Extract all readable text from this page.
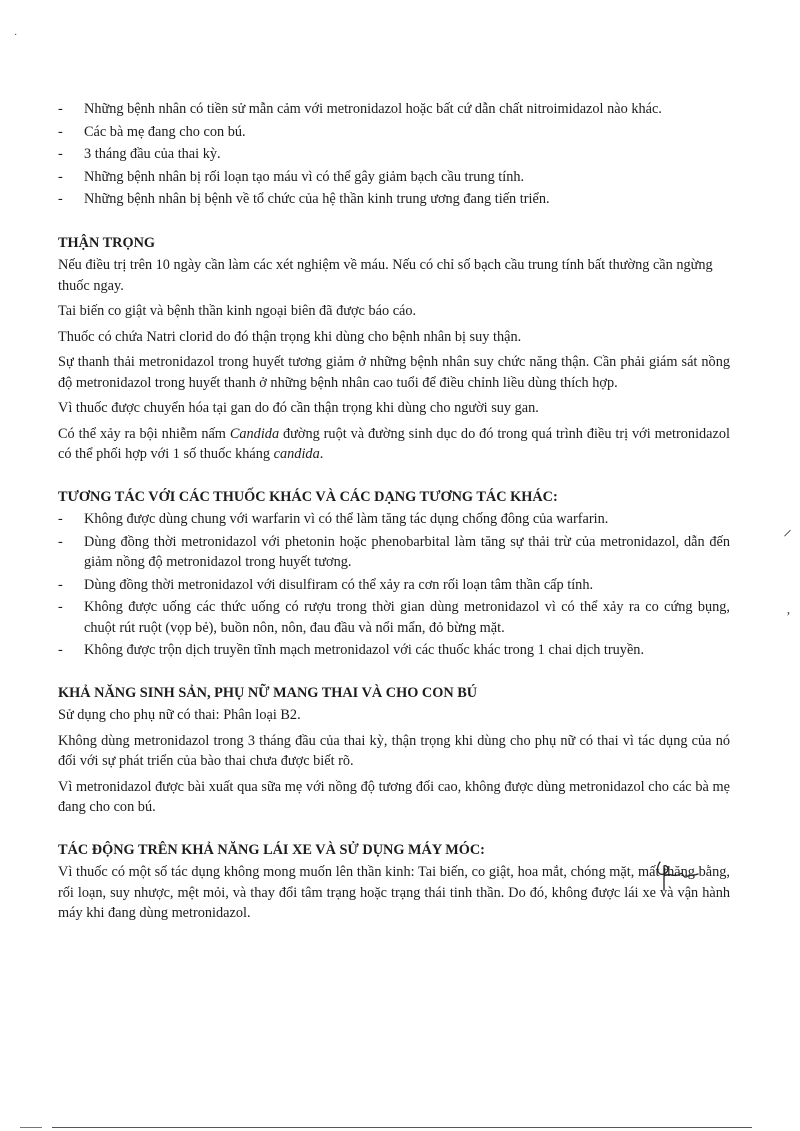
- Những bệnh nhân có tiền sử mẫn cảm với metronidazol hoặc bất cứ dẫn chất nitroimidazol nào khác.
- Các bà mẹ đang cho con bú.
- 3 tháng đầu của thai kỳ.
- Những bệnh nhân bị rối loạn tạo máu vì có thể gây giảm bạch cầu trung tính.
- Những bệnh nhân bị bệnh về tổ chức của hệ thần kinh trung ương đang tiến triển.
THẬN TRỌNG

Nếu điều trị trên 10 ngày cần làm các xét nghiệm về máu. Nếu có chỉ số bạch cầu trung tính bất thường cần ngừng thuốc ngay.

Tai biến co giật và bệnh thần kinh ngoại biên đã được báo cáo.

Thuốc có chứa Natri clorid do đó thận trọng khi dùng cho bệnh nhân bị suy thận.

Sự thanh thải metronidazol trong huyết tương giảm ở những bệnh nhân suy chức năng thận. Cần phải giám sát nồng độ metronidazol trong huyết thanh ở những bệnh nhân cao tuổi để điều chỉnh liều dùng thích hợp.

Vì thuốc được chuyển hóa tại gan do đó cần thận trọng khi dùng cho người suy gan.

Có thể xảy ra bội nhiễm nấm Candida đường ruột và đường sinh dục do đó trong quá trình điều trị với metronidazol có thể phối hợp với 1 số thuốc kháng candida.

TƯƠNG TÁC VỚI CÁC THUỐC KHÁC VÀ CÁC DẠNG TƯƠNG TÁC KHÁC:
- Không được dùng chung với warfarin vì có thể làm tăng tác dụng chống đông của warfarin.
- Dùng đồng thời metronidazol với phetonin hoặc phenobarbital làm tăng sự thải trừ của metronidazol, dẫn đến giảm nồng độ metronidazol trong huyết tương.
- Dùng đồng thời metronidazol với disulfiram có thể xảy ra cơn rối loạn tâm thần cấp tính.
- Không được uống các thức uống có rượu trong thời gian dùng metronidazol vì có thể xảy ra co cứng bụng, chuột rút ruột (vọp bẻ), buồn nôn, nôn, đau đầu và nổi mẩn, đỏ bừng mặt.
- Không được trộn dịch truyền tĩnh mạch metronidazol với các thuốc khác trong 1 chai dịch truyền.
KHẢ NĂNG SINH SẢN, PHỤ NỮ MANG THAI VÀ CHO CON BÚ

Sử dụng cho phụ nữ có thai: Phân loại B2.

Không dùng metronidazol trong 3 tháng đầu của thai kỳ, thận trọng khi dùng cho phụ nữ có thai vì tác dụng của nó đối với sự phát triển của bào thai chưa được biết rõ.

Vì metronidazol được bài xuất qua sữa mẹ với nồng độ tương đối cao, không được dùng metronidazol cho các bà mẹ đang cho con bú.

TÁC ĐỘNG TRÊN KHẢ NĂNG LÁI XE VÀ SỬ DỤNG MÁY MÓC:

Vì thuốc có một số tác dụng không mong muốn lên thần kinh: Tai biến, co giật, hoa mắt, chóng mặt, mất thăng bằng, rối loạn, suy nhược, mệt mỏi, và thay đổi tâm trạng hoặc trạng thái tinh thần. Do đó, không được lái xe và vận hành máy khi đang dùng metronidazol.

⸝
ʼ
·
